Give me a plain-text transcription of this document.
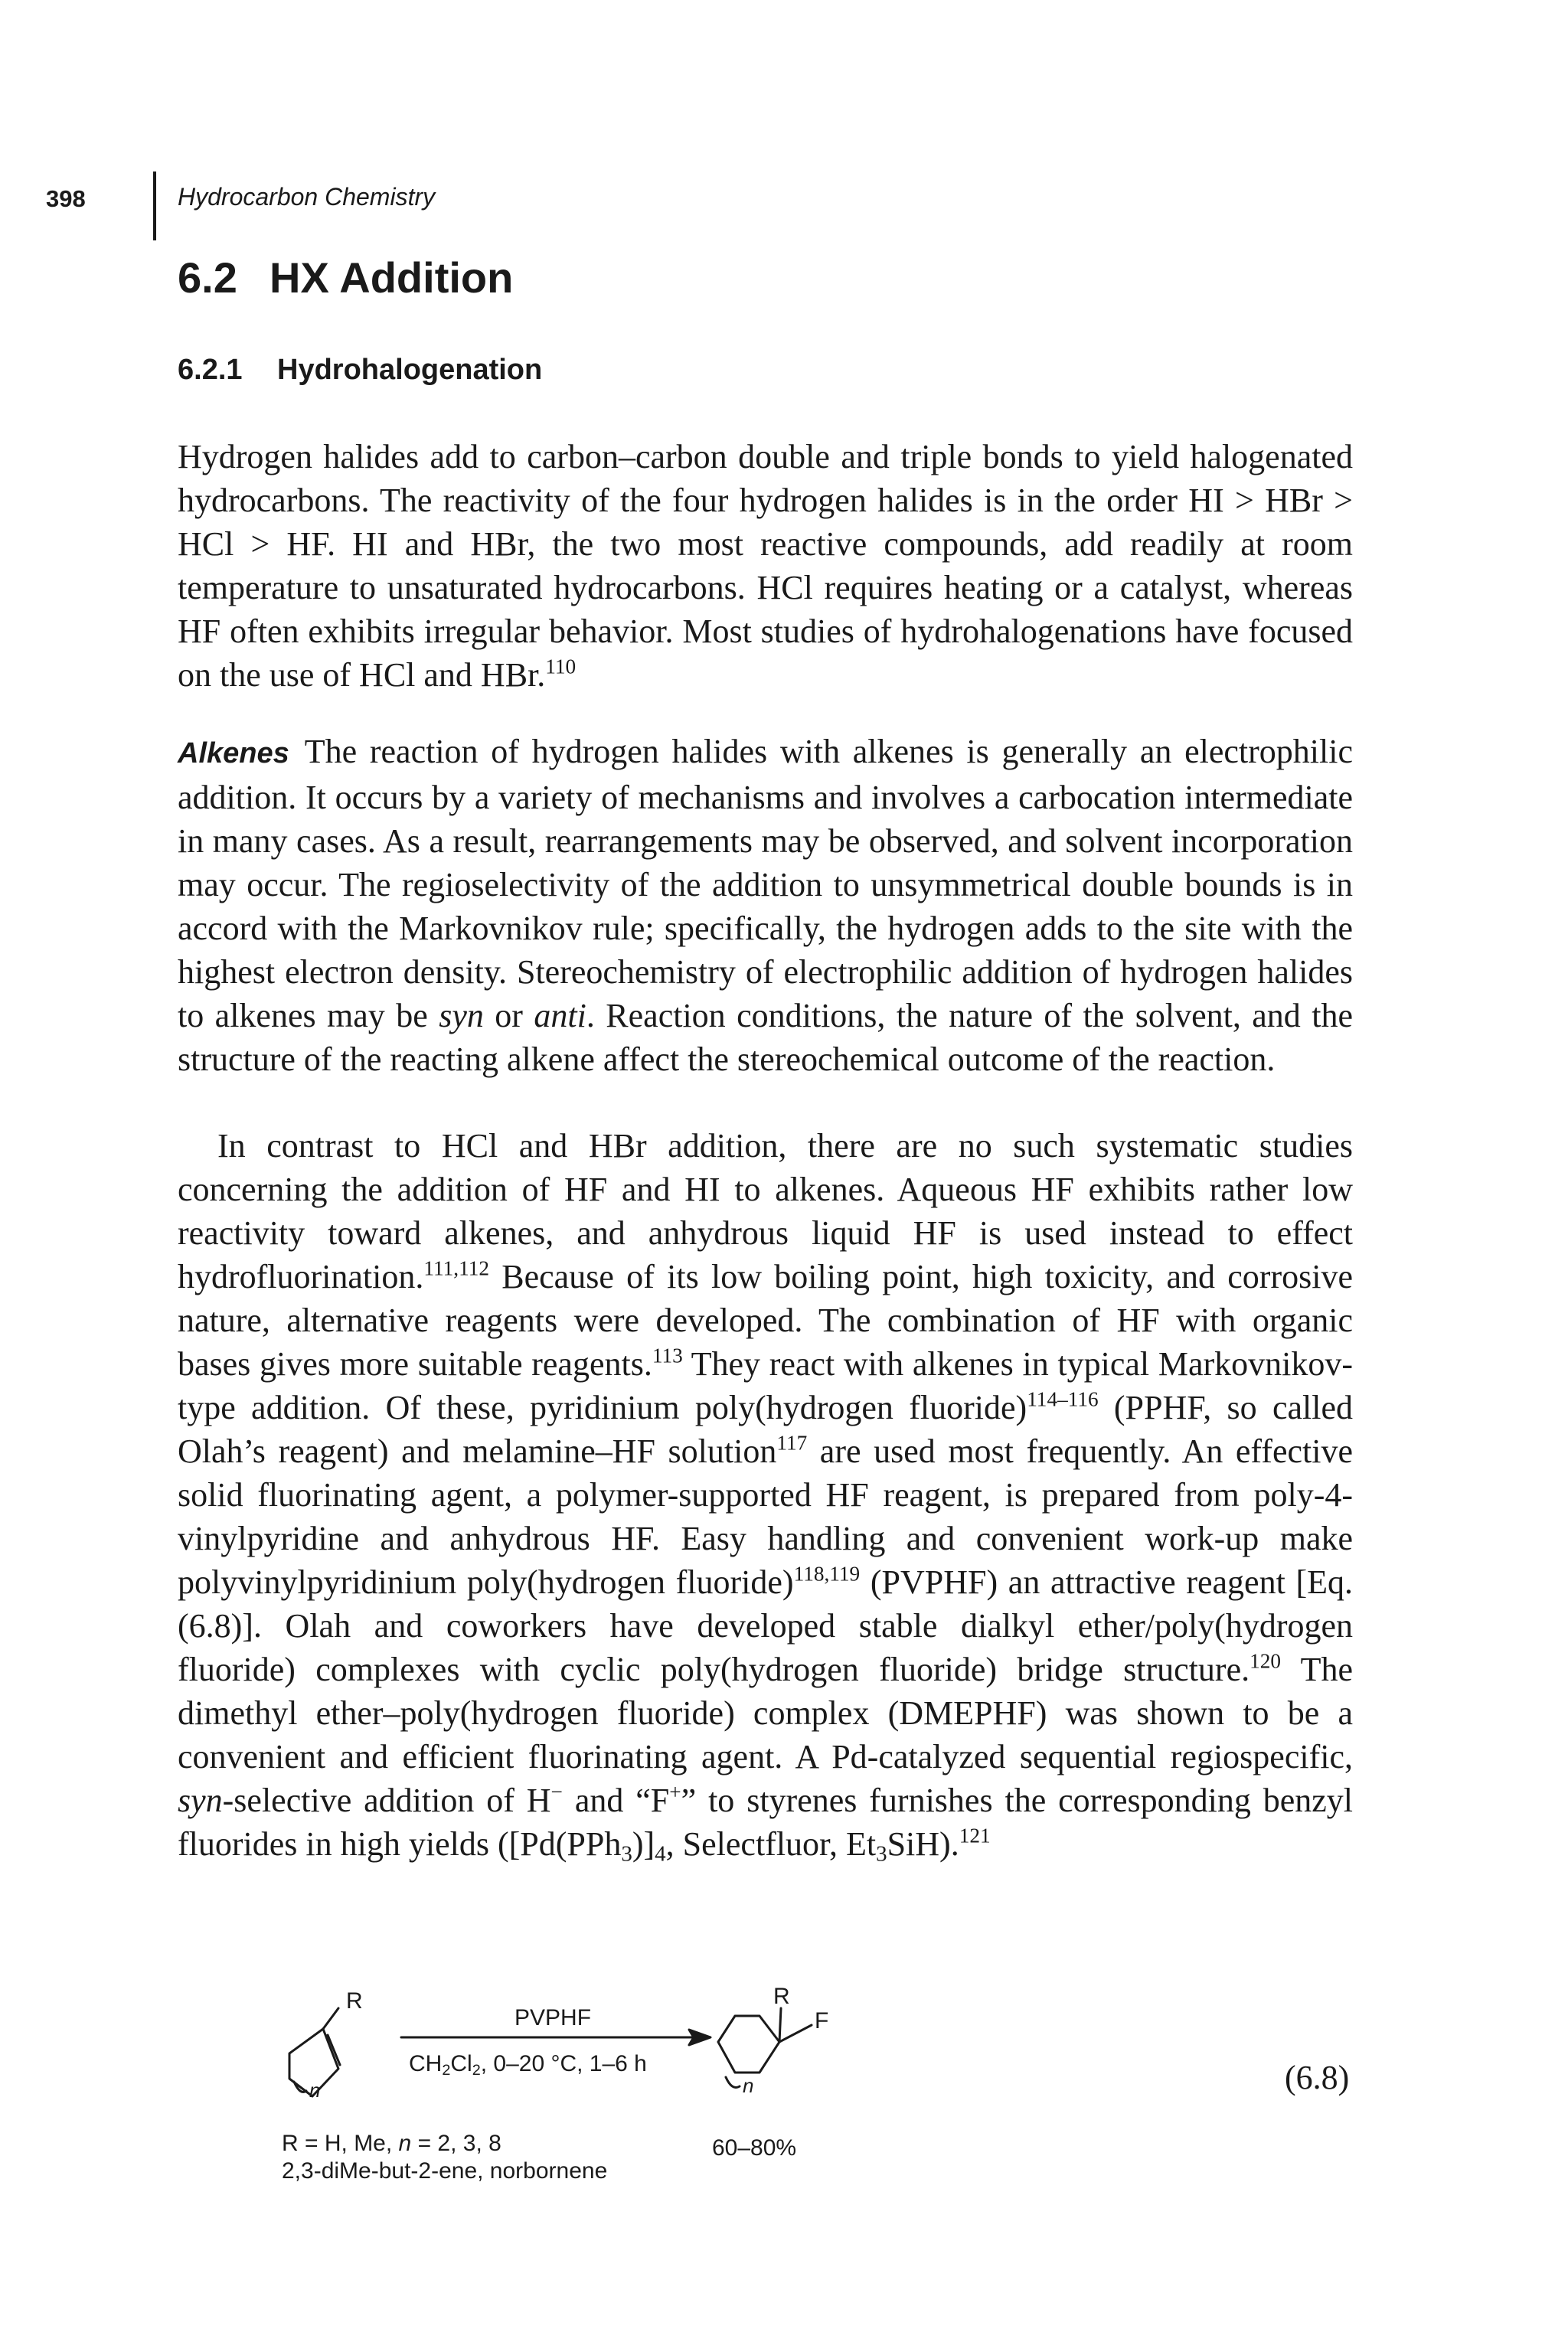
398	Hydrocarbon Chemistry
6.2 HX Addition
6.2.1 Hydrohalogenation

Hydrogen halides add to carbon–carbon double and triple bonds to yield halogenated hydrocarbons. The reactivity of the four hydrogen halides is in the order HI > HBr > HCl > HF. HI and HBr, the two most reactive compounds, add readily at room temperature to unsaturated hydrocarbons. HCl requires heating or a catalyst, whereas HF often exhibits irregular behavior. Most studies of hydrohalogenations have focused on the use of HCl and HBr.$^{110}$

Alkenes The reaction of hydrogen halides with alkenes is generally an electrophilic addition. It occurs by a variety of mechanisms and involves a carbocation intermediate in many cases. As a result, rearrangements may be observed, and solvent incorporation may occur. The regioselectivity of the addition to unsymmetrical double bounds is in accord with the Markovnikov rule; specifically, the hydrogen adds to the site with the highest electron density. Stereochemistry of electrophilic addition of hydrogen halides to alkenes may be syn or anti. Reaction conditions, the nature of the solvent, and the structure of the reacting alkene affect the stereochemical outcome of the reaction.

In contrast to HCl and HBr addition, there are no such systematic studies concerning the addition of HF and HI to alkenes. Aqueous HF exhibits rather low reactivity toward alkenes, and anhydrous liquid HF is used instead to effect hydrofluorination.$^{111,112}$ Because of its low boiling point, high toxicity, and corrosive nature, alternative reagents were developed. The combination of HF with organic bases gives more suitable reagents.$^{113}$ They react with alkenes in typical Markovnikov-type addition. Of these, pyridinium poly(hydrogen fluoride)$^{114-116}$ (PPHF, so called Olah’s reagent) and melamine–HF solution$^{117}$ are used most frequently. An effective solid fluorinating agent, a polymer-supported HF reagent, is prepared from poly-4-vinylpyridine and anhydrous HF. Easy handling and convenient work-up make polyvinylpyridinium poly(hydrogen fluoride)$^{118,119}$ (PVPHF) an attractive reagent [Eq. (6.8)]. Olah and coworkers have developed stable dialkyl ether/poly(hydrogen fluoride) complexes with cyclic poly(hydrogen fluoride) bridge structure.$^{120}$ The dimethyl ether–poly(hydrogen fluoride) complex (DMEPHF) was shown to be a convenient and efficient fluorinating agent. A Pd-catalyzed sequential regiospecific, syn-selective addition of H− and “F+” to styrenes furnishes the corresponding benzyl fluorides in high yields ($[Pd(PPh_3)]_4$, Selectfluor, $Et_3SiH).^{121}$

R
n
PVPHF
$CH_2Cl_2$, 0–20 °C, 1–6 h
R
F
n
R = H, Me, n = 2, 3, 8
2,3-diMe-but-2-ene, norbornene
60–80%
(6.8)
